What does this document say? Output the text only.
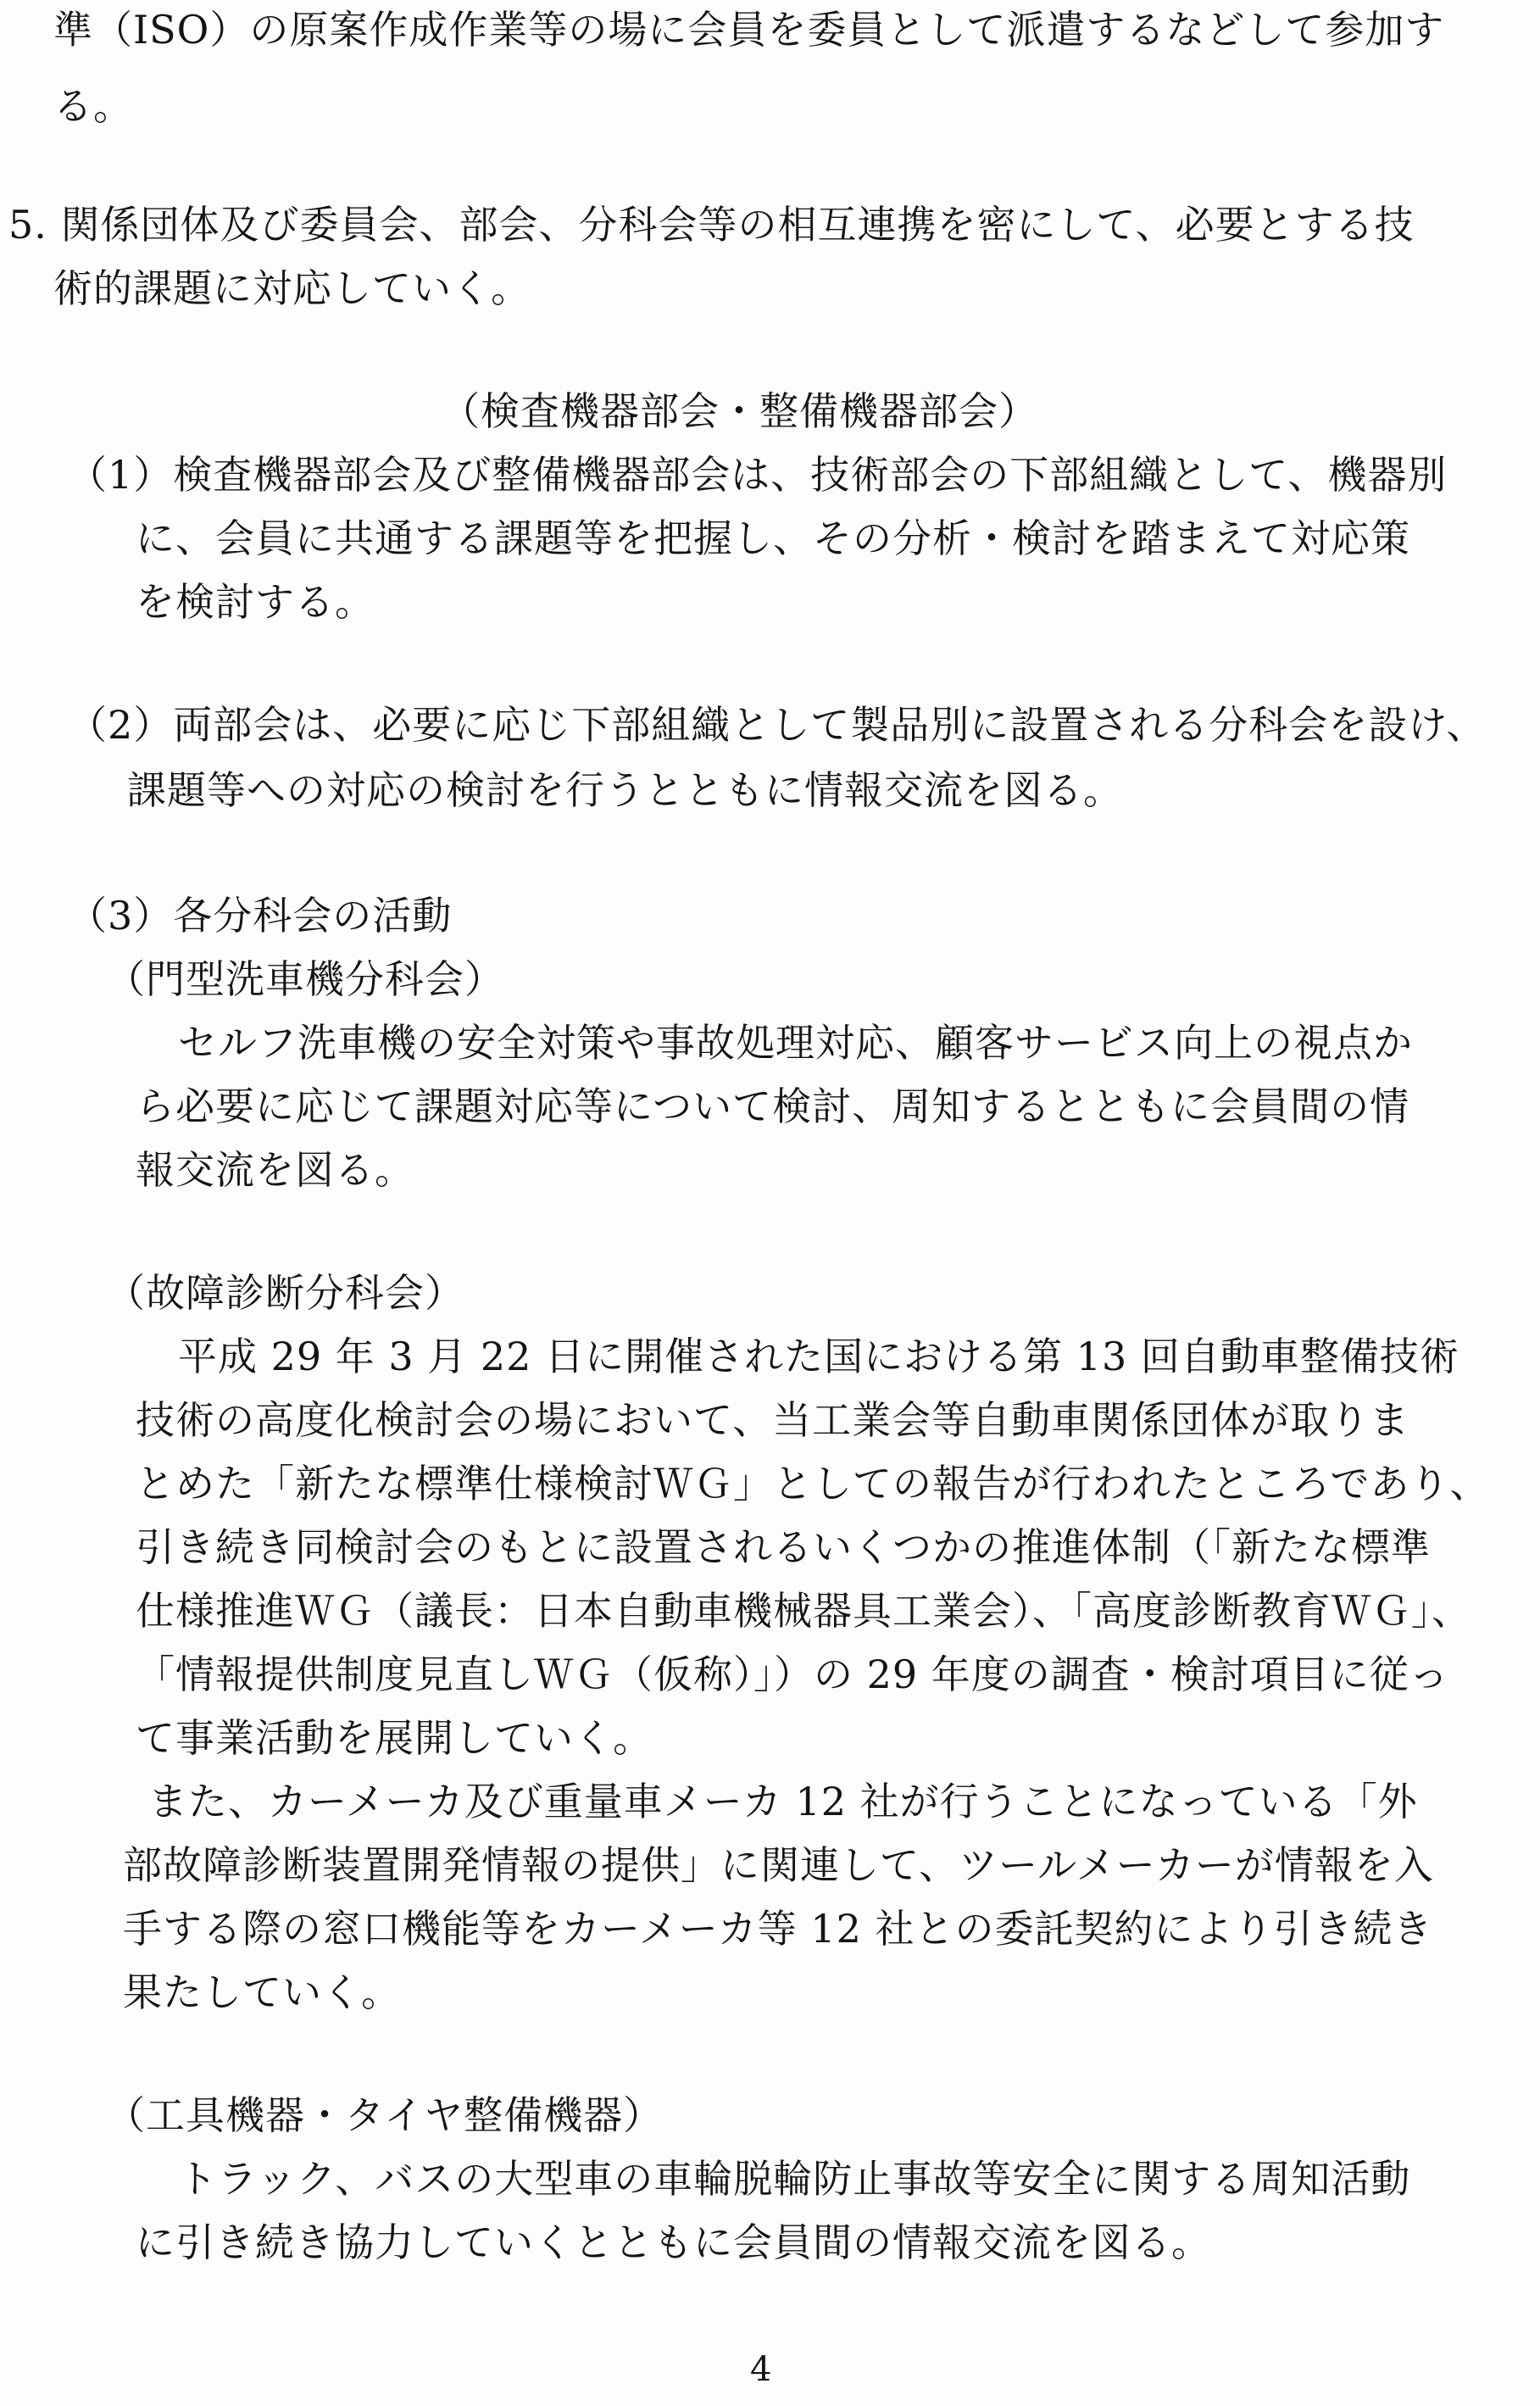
準（ISO）の原案作成作業等の場に会員を委員として派遣するなどして参加す
る。
5. 関係団体及び委員会、部会、分科会等の相互連携を密にして、必要とする技
術的課題に対応していく。
（検査機器部会・整備機器部会）
（1）検査機器部会及び整備機器部会は、技術部会の下部組織として、機器別
に、会員に共通する課題等を把握し、その分析・検討を踏まえて対応策
を検討する。
（2）両部会は、必要に応じ下部組織として製品別に設置される分科会を設け、
課題等への対応の検討を行うとともに情報交流を図る。
（3）各分科会の活動
（門型洗車機分科会）
セルフ洗車機の安全対策や事故処理対応、顧客サービス向上の視点か
ら必要に応じて課題対応等について検討、周知するとともに会員間の情
報交流を図る。
（故障診断分科会）
平成 29 年 3 月 22 日に開催された国における第 13 回自動車整備技術
技術の高度化検討会の場において、当工業会等自動車関係団体が取りま
とめた「新たな標準仕様検討ＷＧ」としての報告が行われたところであり、
引き続き同検討会のもとに設置されるいくつかの推進体制（「新たな標準
仕様推進ＷＧ（議長：日本自動車機械器具工業会）、「高度診断教育ＷＧ」、
「情報提供制度見直しＷＧ（仮称）」）の 29 年度の調査・検討項目に従っ
て事業活動を展開していく。
また、カーメーカ及び重量車メーカ 12 社が行うことになっている「外
部故障診断装置開発情報の提供」に関連して、ツールメーカーが情報を入
手する際の窓口機能等をカーメーカ等 12 社との委託契約により引き続き
果たしていく。
（工具機器・タイヤ整備機器）
トラック、バスの大型車の車輪脱輪防止事故等安全に関する周知活動
に引き続き協力していくとともに会員間の情報交流を図る。
4
